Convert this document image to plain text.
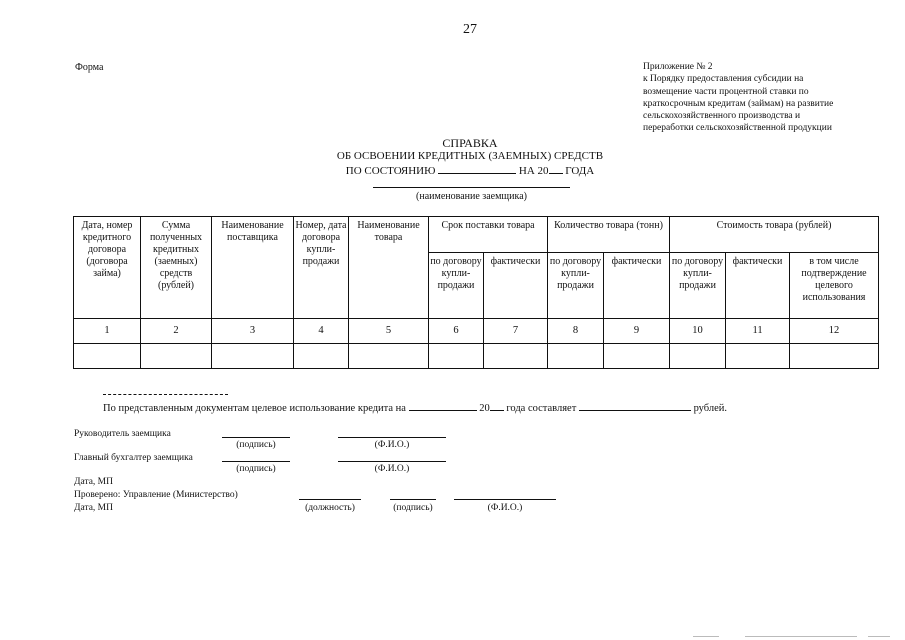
27
Форма	Приложение № 2
к Порядку предоставления субсидии на
возмещение части процентной ставки по
краткосрочным кредитам (займам) на развитие
сельскохозяйственного производства и
переработки сельскохозяйственной продукции
СПРАВКА
ОБ ОСВОЕНИИ КРЕДИТНЫХ (ЗАЕМНЫХ) СРЕДСТВ
ПО СОСТОЯНИЮ	НА 20 ГОДА
(наименование заемщика)
Дата, номер кредитного договора (договора займа)	Сумма полученных кредитных (заемных) средств (рублей)	Наименование поставщика	Номер, дата договора купли-продажи	Наименование товара	Срок поставки товара		Количество товара (тонн)		Стоимость товара (рублей)		
					по договору купли-продажи	фактически	по договору купли-продажи	фактически	по договору купли-продажи	фактически	в том числе подтверждение целевого использования
1	2	3	4	5	6	7	8	9	10	11	12

По представленным документам целевое использование кредита на	20 года составляет	рублей.
Руководитель заемщика
(подпись)	(Ф.И.О.)
Главный бухгалтер заемщика
(подпись)	(Ф.И.О.)
Дата, МП
Проверено: Управление (Министерство)
Дата, МП	(должность)	(подпись)	(Ф.И.О.)
